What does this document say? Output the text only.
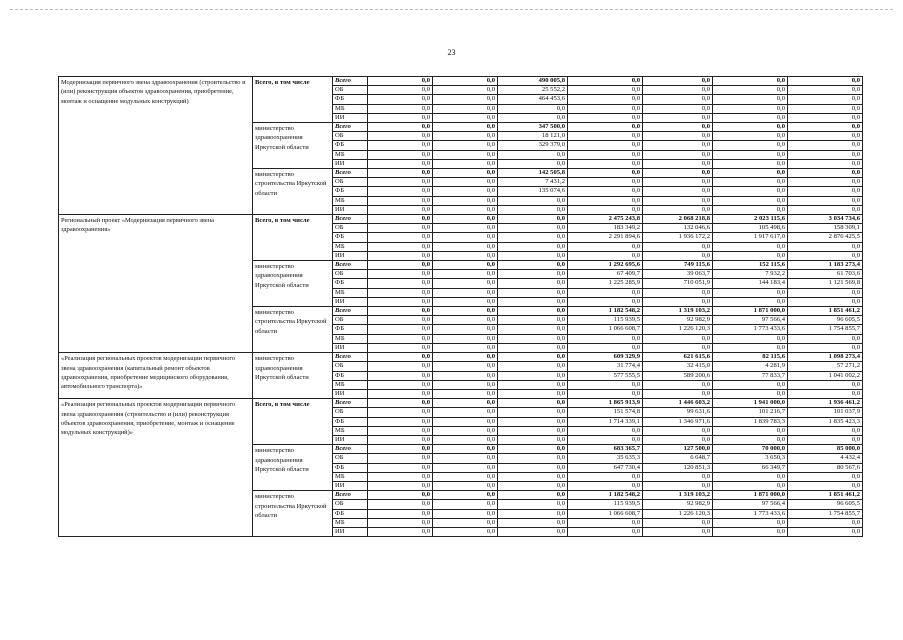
23
Модернизация первичного звена здравоохранения (строительство и (или) реконструкция объектов здравоохранения, приобретение, монтаж и оснащение модульных конструкций)	Всего, в том числе	Всего	0,0	0,0	490 005,8	0,0	0,0	0,0	0,0
		ОБ	0,0	0,0	25 552,2	0,0	0,0	0,0	0,0
		ФБ	0,0	0,0	464 453,6	0,0	0,0	0,0	0,0
		МБ	0,0	0,0	0,0	0,0	0,0	0,0	0,0
		ИИ	0,0	0,0	0,0	0,0	0,0	0,0	0,0
	министерство здравоохранения Иркутской области	Всего	0,0	0,0	347 500,0	0,0	0,0	0,0	0,0
		ОБ	0,0	0,0	18 121,0	0,0	0,0	0,0	0,0
		ФБ	0,0	0,0	329 379,0	0,0	0,0	0,0	0,0
		МБ	0,0	0,0	0,0	0,0	0,0	0,0	0,0
		ИИ	0,0	0,0	0,0	0,0	0,0	0,0	0,0
	министерство строительства Иркутской области	Всего	0,0	0,0	142 505,8	0,0	0,0	0,0	0,0
		ОБ	0,0	0,0	7 431,2	0,0	0,0	0,0	0,0
		ФБ	0,0	0,0	135 074,6	0,0	0,0	0,0	0,0
		МБ	0,0	0,0	0,0	0,0	0,0	0,0	0,0
		ИИ	0,0	0,0	0,0	0,0	0,0	0,0	0,0
Региональный проект «Модернизация первичного звена здравоохранения»	Всего, в том числе	Всего	0,0	0,0	0,0	2 475 243,8	2 068 218,8	2 023 115,6	3 034 734,6
		ОБ	0,0	0,0	0,0	183 349,2	132 046,6	105 498,6	158 309,1
		ФБ	0,0	0,0	0,0	2 291 894,6	1 936 172,2	1 917 617,0	2 876 425,5
		МБ	0,0	0,0	0,0	0,0	0,0	0,0	0,0
		ИИ	0,0	0,0	0,0	0,0	0,0	0,0	0,0
	министерство здравоохранения Иркутской области	Всего	0,0	0,0	0,0	1 292 695,6	749 115,6	152 115,6	1 183 273,4
		ОБ	0,0	0,0	0,0	67 409,7	39 063,7	7 932,2	61 703,6
		ФБ	0,0	0,0	0,0	1 225 285,9	710 051,9	144 183,4	1 121 569,8
		МБ	0,0	0,0	0,0	0,0	0,0	0,0	0,0
		ИИ	0,0	0,0	0,0	0,0	0,0	0,0	0,0
	министерство строительства Иркутской области	Всего	0,0	0,0	0,0	1 182 548,2	1 319 103,2	1 871 000,0	1 851 461,2
		ОБ	0,0	0,0	0,0	115 939,5	92 982,9	97 566,4	96 605,5
		ФБ	0,0	0,0	0,0	1 066 608,7	1 226 120,3	1 773 433,6	1 754 855,7
		МБ	0,0	0,0	0,0	0,0	0,0	0,0	0,0
		ИИ	0,0	0,0	0,0	0,0	0,0	0,0	0,0
«Реализация региональных проектов модернизации первичного звена здравоохранения (капитальный ремонт объектов здравоохранения, приобретение медицинского оборудования, автомобильного транспорта)»	министерство здравоохранения Иркутской области	Всего	0,0	0,0	0,0	609 329,9	621 615,6	82 115,6	1 098 273,4
		ОБ	0,0	0,0	0,0	31 774,4	32 415,0	4 281,9	57 271,2
		ФБ	0,0	0,0	0,0	577 555,5	589 200,6	77 833,7	1 041 002,2
		МБ	0,0	0,0	0,0	0,0	0,0	0,0	0,0
		ИИ	0,0	0,0	0,0	0,0	0,0	0,0	0,0
«Реализация региональных проектов модернизации первичного звена здравоохранения (строительство и (или) реконструкция объектов здравоохранения, приобретение, монтаж и оснащение модульных конструкций)»	Всего, в том числе	Всего	0,0	0,0	0,0	1 865 913,9	1 446 603,2	1 941 000,0	1 936 461,2
		ОБ	0,0	0,0	0,0	151 574,8	99 631,6	101 216,7	101 037,9
		ФБ	0,0	0,0	0,0	1 714 339,1	1 346 971,6	1 839 783,3	1 835 423,3
		МБ	0,0	0,0	0,0	0,0	0,0	0,0	0,0
		ИИ	0,0	0,0	0,0	0,0	0,0	0,0	0,0
	министерство здравоохранения Иркутской области	Всего	0,0	0,0	0,0	683 365,7	127 500,0	70 000,0	85 000,0
		ОБ	0,0	0,0	0,0	35 635,3	6 648,7	3 650,3	4 432,4
		ФБ	0,0	0,0	0,0	647 730,4	120 851,3	66 349,7	80 567,6
		МБ	0,0	0,0	0,0	0,0	0,0	0,0	0,0
		ИИ	0,0	0,0	0,0	0,0	0,0	0,0	0,0
	министерство строительства Иркутской области	Всего	0,0	0,0	0,0	1 182 548,2	1 319 103,2	1 871 000,0	1 851 461,2
		ОБ	0,0	0,0	0,0	115 939,5	92 982,9	97 566,4	96 605,5
		ФБ	0,0	0,0	0,0	1 066 608,7	1 226 120,3	1 773 433,6	1 754 855,7
		МБ	0,0	0,0	0,0	0,0	0,0	0,0	0,0
		ИИ	0,0	0,0	0,0	0,0	0,0	0,0	0,0
